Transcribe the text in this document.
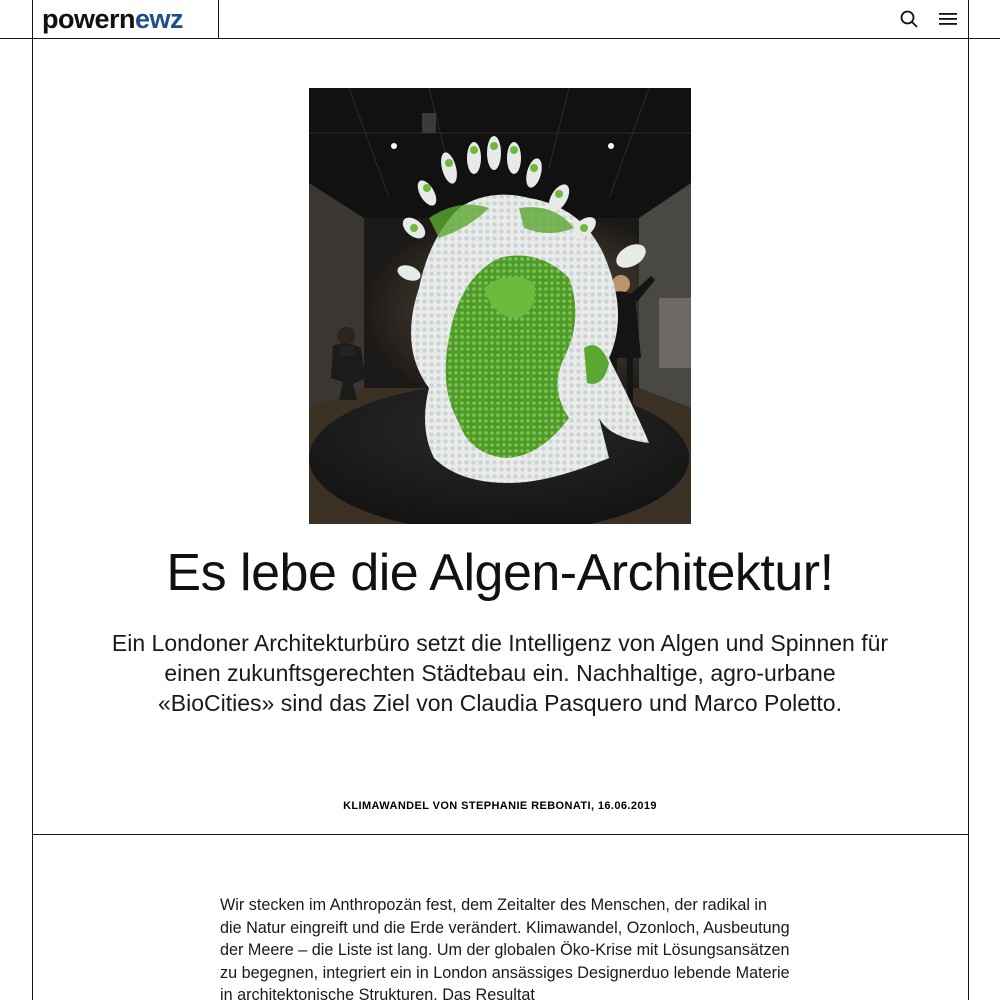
powernewz
Es lebe die Algen-Architektur!
Ein Londoner Architekturbüro setzt die Intelligenz von Algen und Spinnen für einen zukunftsgerechten Städtebau ein. Nachhaltige, agro-urbane «BioCities» sind das Ziel von Claudia Pasquero und Marco Poletto.
KLIMAWANDEL VON STEPHANIE REBONATI, 16.06.2019
Wir stecken im Anthropozän fest, dem Zeitalter des Menschen, der radikal in die Natur eingreift und die Erde verändert. Klimawandel, Ozonloch, Ausbeutung der Meere – die Liste ist lang. Um der globalen Öko-Krise mit Lösungsansätzen zu begegnen, integriert ein in London ansässiges Designerduo lebende Materie in architektonische Strukturen. Das Resultat
